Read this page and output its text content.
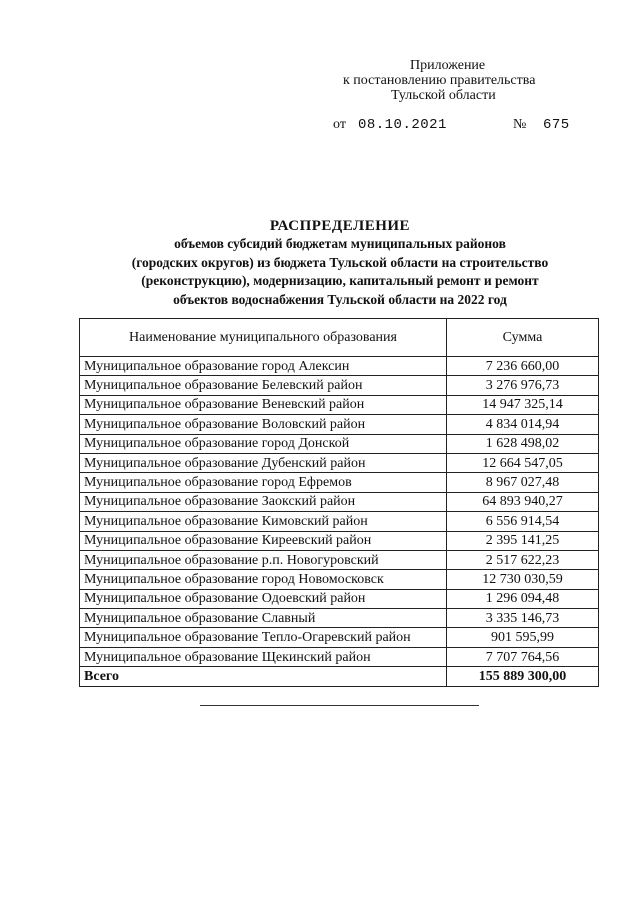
Приложение
к постановлению правительства
Тульской области
от 08.10.2021	№ 675
РАСПРЕДЕЛЕНИЕ
объемов субсидий бюджетам муниципальных районов
(городских округов) из бюджета Тульской области на строительство
(реконструкцию), модернизацию, капитальный ремонт и ремонт
объектов водоснабжения Тульской области на 2022 год
Наименование муниципального образования	Сумма
Муниципальное образование город Алексин	7 236 660,00
Муниципальное образование Белевский район	3 276 976,73
Муниципальное образование Веневский район	14 947 325,14
Муниципальное образование Воловский район	4 834 014,94
Муниципальное образование город Донской	1 628 498,02
Муниципальное образование Дубенский район	12 664 547,05
Муниципальное образование город Ефремов	8 967 027,48
Муниципальное образование Заокский район	64 893 940,27
Муниципальное образование Кимовский район	6 556 914,54
Муниципальное образование Киреевский район	2 395 141,25
Муниципальное образование р.п. Новогуровский	2 517 622,23
Муниципальное образование город Новомосковск	12 730 030,59
Муниципальное образование Одоевский район	1 296 094,48
Муниципальное образование Славный	3 335 146,73
Муниципальное образование Тепло-Огаревский район	901 595,99
Муниципальное образование Щекинский район	7 707 764,56
Всего	155 889 300,00
